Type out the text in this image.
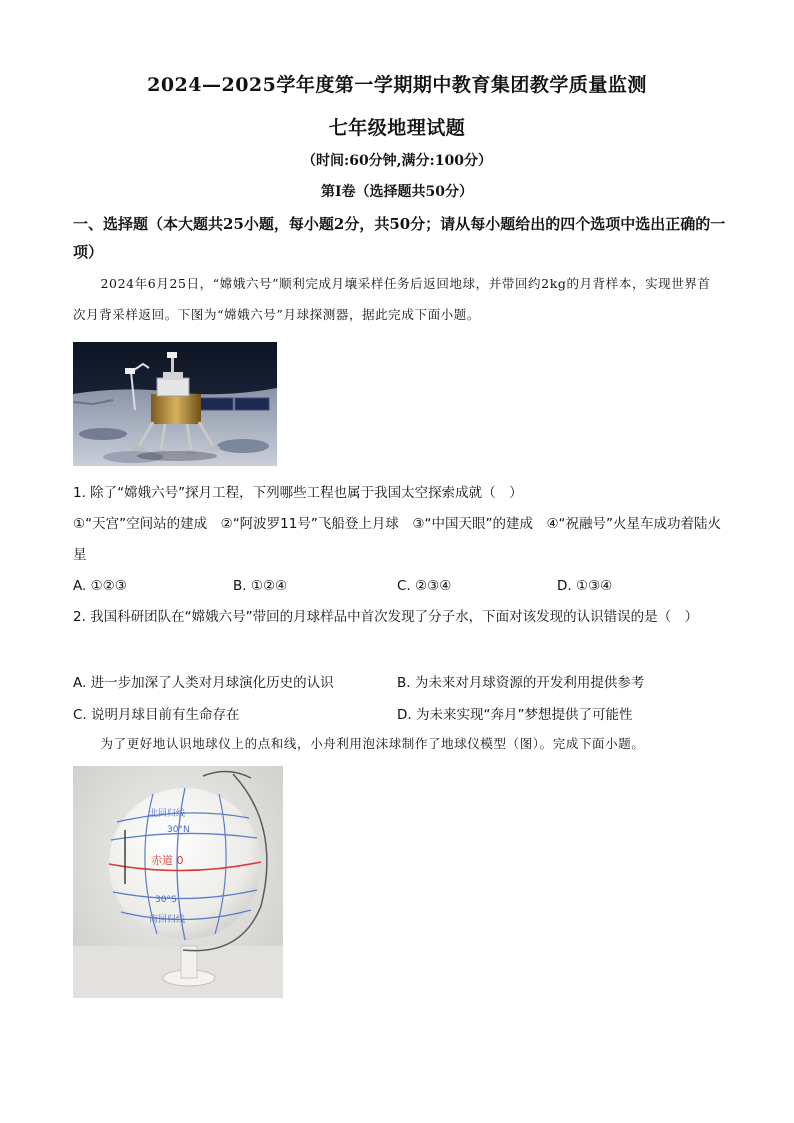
2024—2025学年度第一学期期中教育集团教学质量监测
七年级地理试题
（时间:60分钟,满分:100分）
第Ⅰ卷（选择题共50分）
一、选择题（本大题共25小题，每小题2分，共50分；请从每小题给出的四个选项中选出正确的一项）
2024年6月25日，“嫦娥六号”顺利完成月壤采样任务后返回地球，并带回约2kg的月背样本，实现世界首次月背采样返回。下图为“嫦娥六号”月球探测器，据此完成下面小题。
1. 除了“嫦娥六号”探月工程，下列哪些工程也属于我国太空探索成就（　）
①“天宫”空间站的建成　②“阿波罗11号”飞船登上月球　③“中国天眼”的建成　④“祝融号”火星车成功着陆火星
A. ①②③	B. ①②④	C. ②③④	D. ①③④
2. 我国科研团队在“嫦娥六号”带回的月球样品中首次发现了分子水，下面对该发现的认识错误的是（　）
A. 进一步加深了人类对月球演化历史的认识	B. 为未来对月球资源的开发利用提供参考
C. 说明月球目前有生命存在	D. 为未来实现“奔月”梦想提供了可能性
为了更好地认识地球仪上的点和线，小舟利用泡沫球制作了地球仪模型（图）。完成下面小题。
北回归线
30°N
赤道 0
30°S
南回归线
